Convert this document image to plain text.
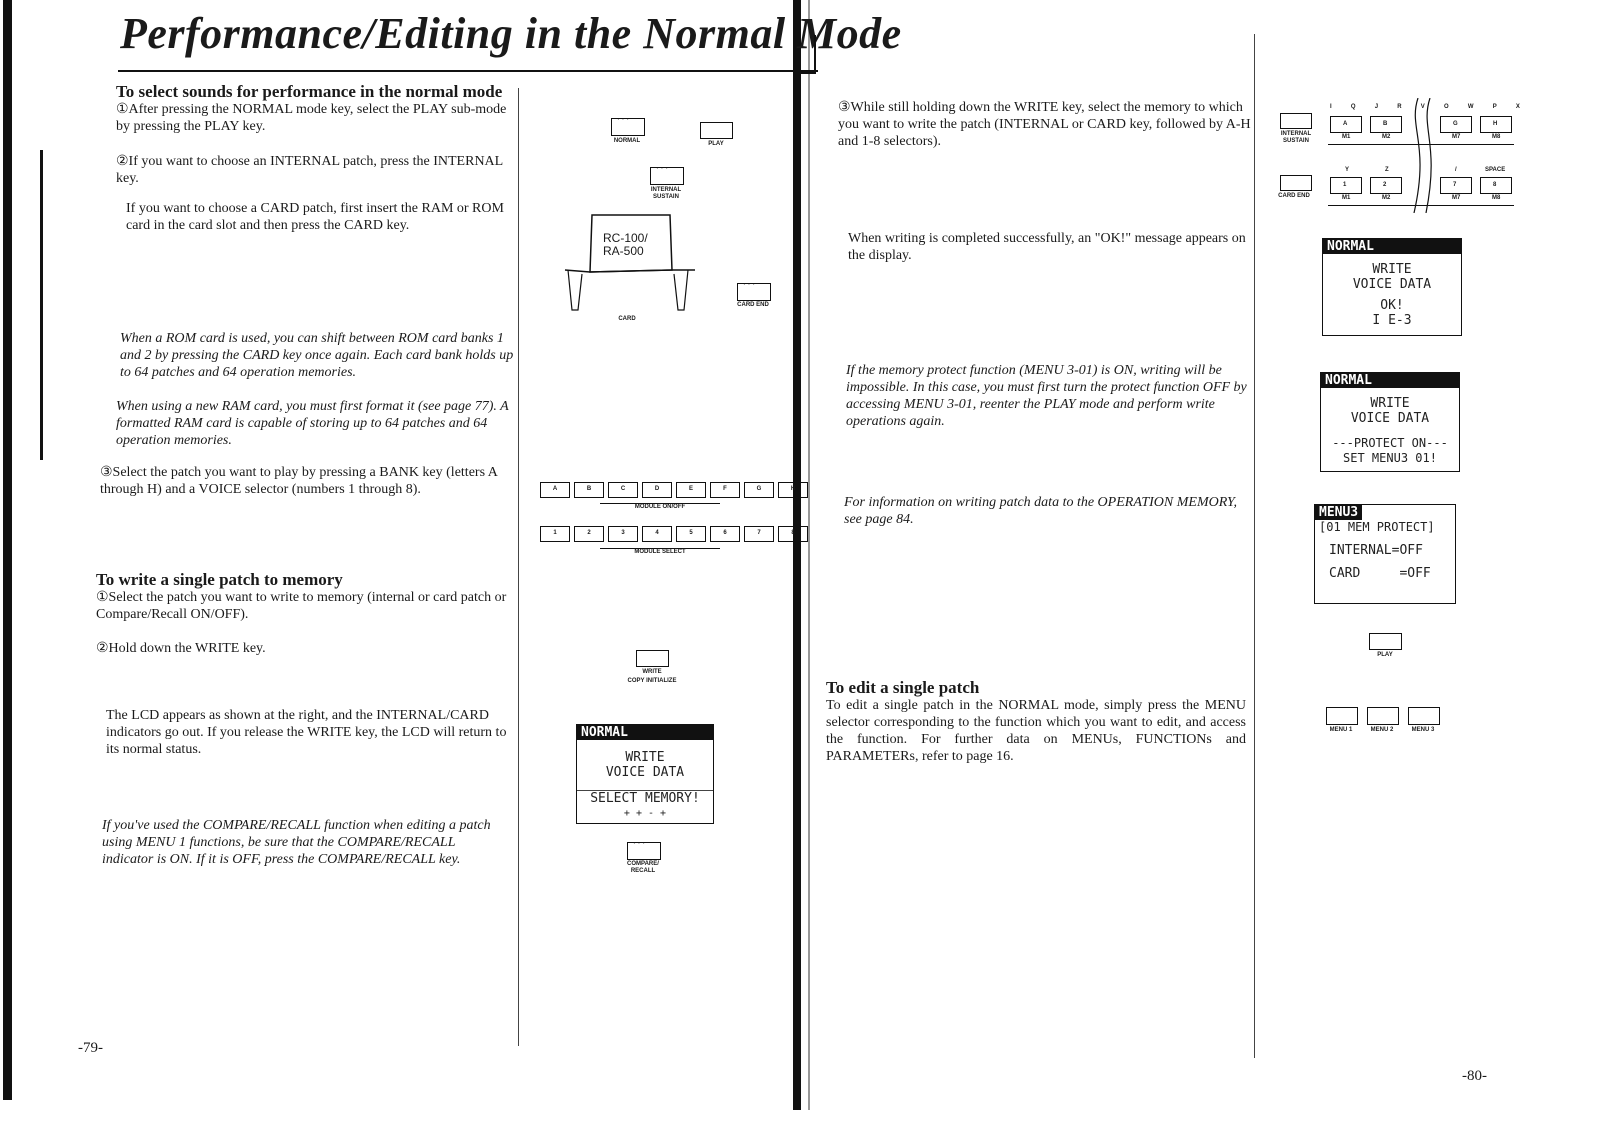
Performance/Editing in the Normal Mode
To select sounds for performance in the normal mode

①After pressing the NORMAL mode key, select the PLAY sub-mode by pressing the PLAY key.

②If you want to choose an INTERNAL patch, press the INTERNAL key.

If you want to choose a CARD patch, first insert the RAM or ROM card in the card slot and then press the CARD key.

When a ROM card is used, you can shift between ROM card banks 1 and 2 by pressing the CARD key once again. Each card bank holds up to 64 patches and 64 operation memories.

When using a new RAM card, you must first format it (see page 77). A formatted RAM card is capable of storing up to 64 patches and 64 operation memories.

③Select the patch you want to play by pressing a BANK key (letters A through H) and a VOICE selector (numbers 1 through 8).

To write a single patch to memory

①Select the patch you want to write to memory (internal or card patch or Compare/Recall ON/OFF).

②Hold down the WRITE key.

The LCD appears as shown at the right, and the INTERNAL/CARD indicators go out. If you release the WRITE key, the LCD will return to its normal status.

If you've used the COMPARE/RECALL function when editing a patch using MENU 1 functions, be sure that the COMPARE/RECALL indicator is ON. If it is OFF, press the COMPARE/RECALL key.

-79-
· · ·
NORMAL	PLAY
· · ·
INTERNAL SUSTAIN
RC-100/ RA-500
CARD
· · ·
CARD END
A	B	C	D	E	F	G	H
MODULE ON/OFF
1	2	3	4	5	6	7	8
MODULE SELECT
WRITE
COPY INITIALIZE
NORMAL
WRITE
VOICE DATA
SELECT MEMORY!
+ + - +
· · ·
COMPARE/ RECALL

③While still holding down the WRITE key, select the memory to which you want to write the patch (INTERNAL or CARD key, followed by A-H and 1-8 selectors).

When writing is completed successfully, an "OK!" message appears on the display.

If the memory protect function (MENU 3-01) is ON, writing will be impossible. In this case, you must first turn the protect function OFF by accessing MENU 3-01, reenter the PLAY mode and perform write operations again.

For information on writing patch data to the OPERATION MEMORY, see page 84.

To edit a single patch

To edit a single patch in the NORMAL mode, simply press the MENU selector corresponding to the function which you want to edit, and access the function. For further data on MENUs, FUNCTIONs and PARAMETERs, refer to page 16.

-80-
I	Q	J	R	V	O	W	P	X
INTERNAL SUSTAIN
A	B	G	H
M1	M2	M7	M8
Y	Z	/	SPACE
CARD END
1	2	7	8
M1	M2	M7	M8
NORMAL
WRITE
VOICE DATA
OK!
I E-3
NORMAL
WRITE
VOICE DATA
---PROTECT ON---
SET MENU3 01!
MENU3
[01 MEM PROTECT]
INTERNAL=OFF
CARD     =OFF
PLAY
MENU 1	MENU 2	MENU 3
